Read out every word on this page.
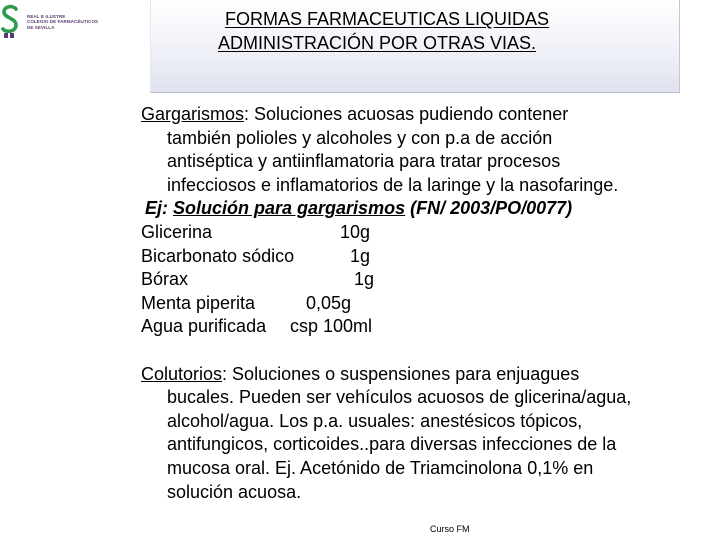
REAL E ILUSTRE
COLEGIO DE FARMACÉUTICOS
DE SEVILLA	FORMAS FARMACEUTICAS LIQUIDAS
ADMINISTRACIÓN POR OTRAS VIAS.

Gargarismos: Soluciones acuosas pudiendo contener

también polioles y alcoholes y con p.a de acción
antiséptica y antiinflamatoria para tratar procesos
infecciosos e inflamatorios de la laringe y la nasofaringe.
Ej: Solución para gargarismos (FN/ 2003/PO/0077)
Glicerina	10g
Bicarbonato sódico	1g
Bórax	1g
Menta piperita	0,05g
Agua purificada csp 100ml

Colutorios: Soluciones o suspensiones para enjuagues

bucales. Pueden ser vehículos acuosos de glicerina/agua,
alcohol/agua. Los p.a. usuales: anestésicos tópicos,
antifungicos, corticoides..para diversas infecciones de la
mucosa oral. Ej. Acetónido de Triamcinolona 0,1% en
solución acuosa.
Curso FM
